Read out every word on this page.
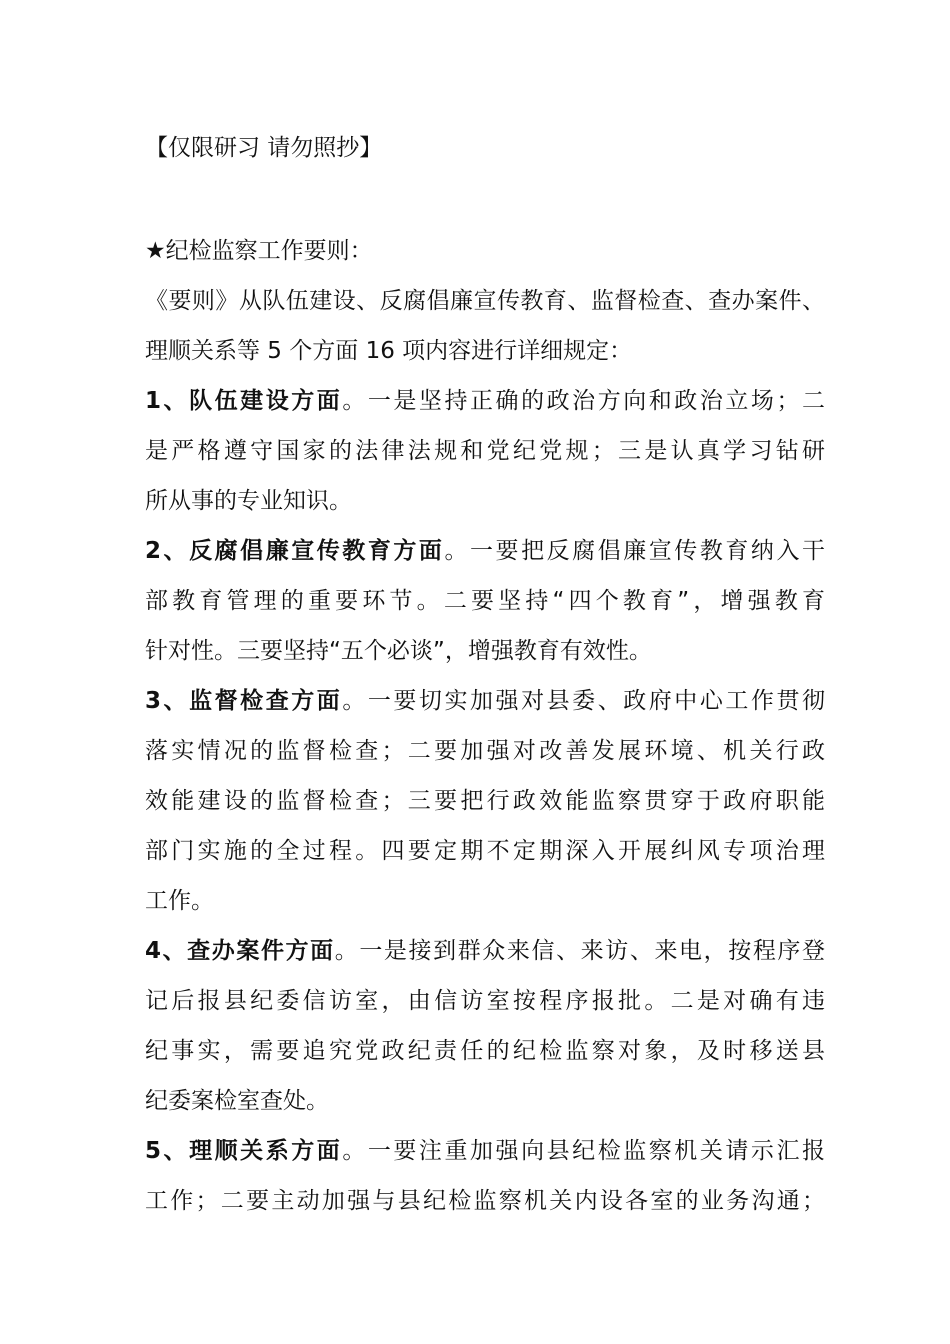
【仅限研习 请勿照抄】
★纪检监察工作要则：
《要则》从队伍建设、反腐倡廉宣传教育、监督检查、查办案件、
理顺关系等 5 个方面 16 项内容进行详细规定：
1、队伍建设方面。一是坚持正确的政治方向和政治立场；二
是严格遵守国家的法律法规和党纪党规；三是认真学习钻研
所从事的专业知识。
2、反腐倡廉宣传教育方面。一要把反腐倡廉宣传教育纳入干
部教育管理的重要环节。二要坚持“四个教育”，增强教育
针对性。三要坚持“五个必谈”，增强教育有效性。
3、监督检查方面。一要切实加强对县委、政府中心工作贯彻
落实情况的监督检查；二要加强对改善发展环境、机关行政
效能建设的监督检查；三要把行政效能监察贯穿于政府职能
部门实施的全过程。四要定期不定期深入开展纠风专项治理
工作。
4、查办案件方面。一是接到群众来信、来访、来电，按程序登
记后报县纪委信访室，由信访室按程序报批。二是对确有违
纪事实，需要追究党政纪责任的纪检监察对象，及时移送县
纪委案检室查处。
5、理顺关系方面。一要注重加强向县纪检监察机关请示汇报
工作；二要主动加强与县纪检监察机关内设各室的业务沟通；
